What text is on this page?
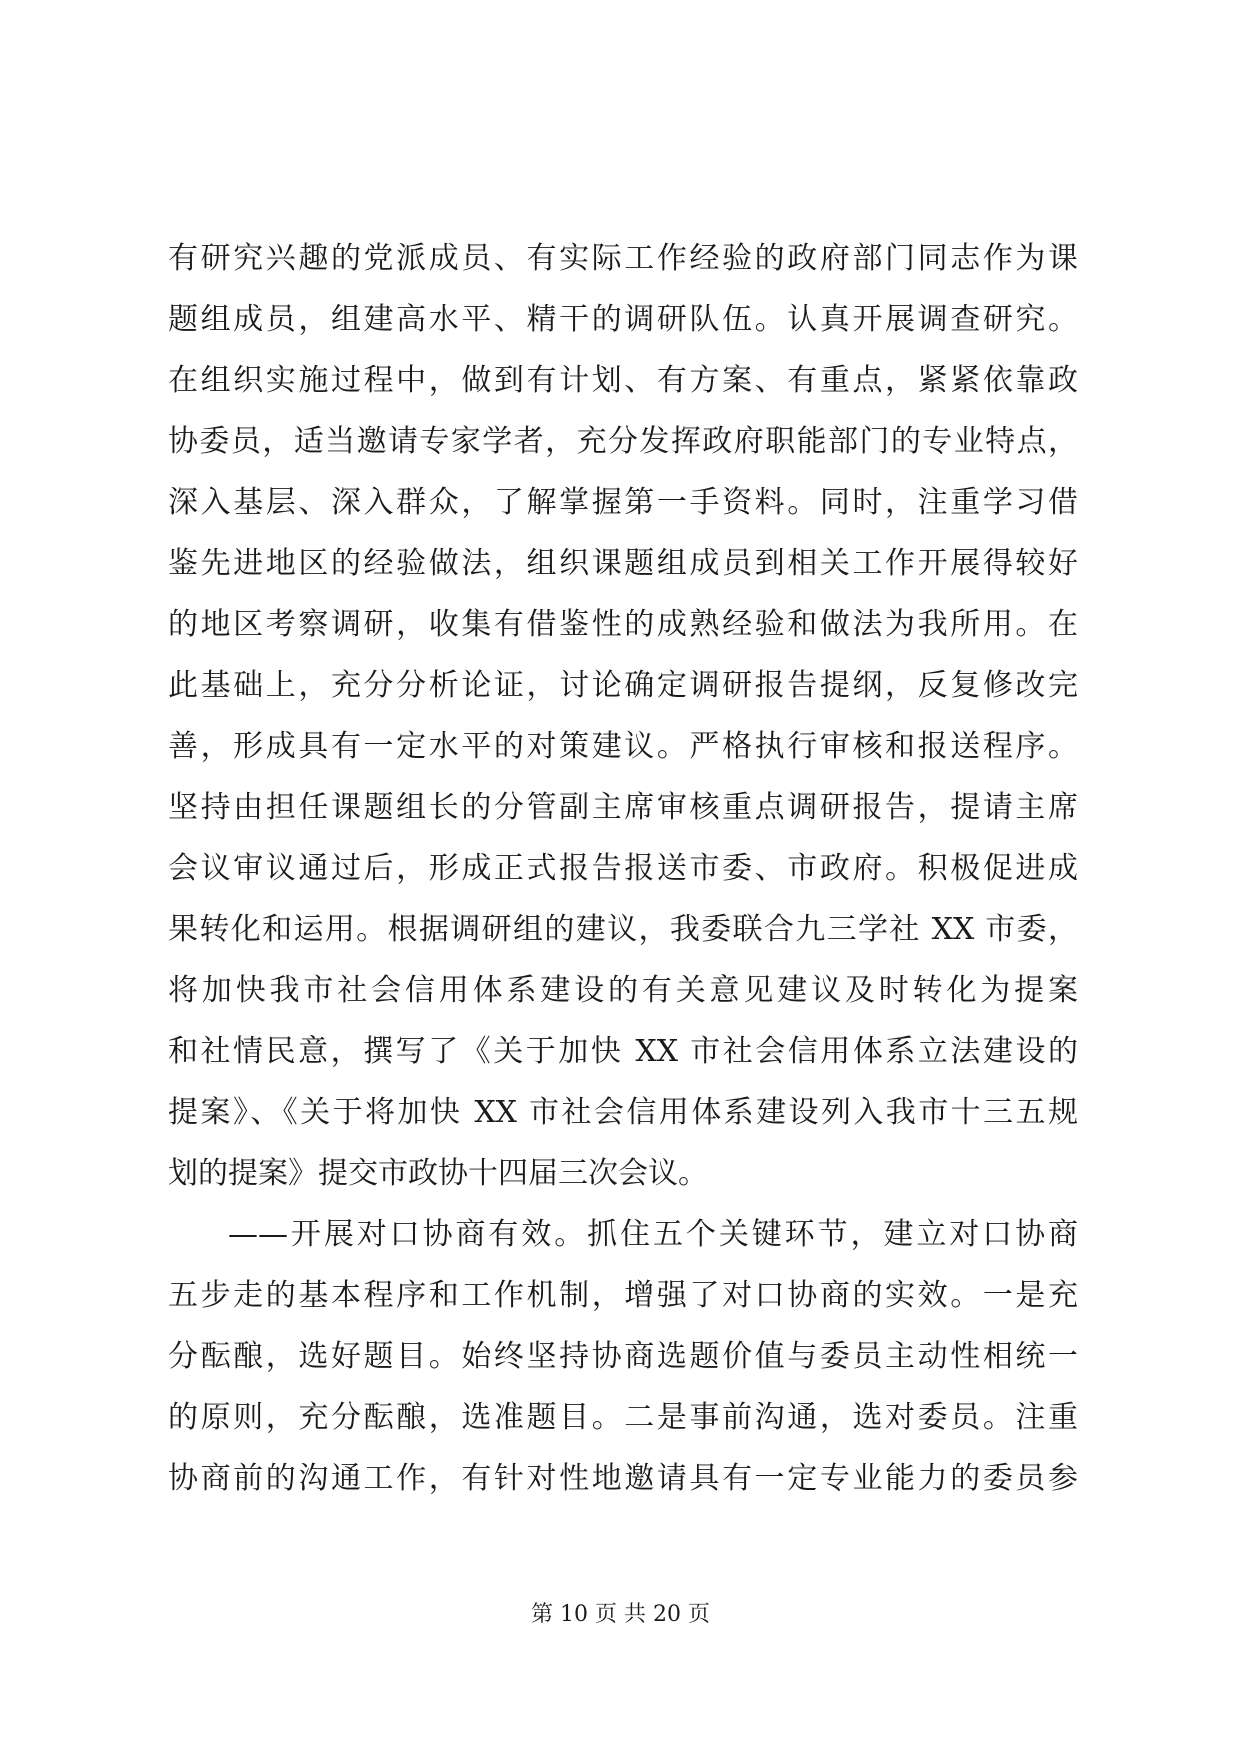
有研究兴趣的党派成员、有实际工作经验的政府部门同志作为课
题组成员，组建高水平、精干的调研队伍。认真开展调查研究。
在组织实施过程中，做到有计划、有方案、有重点，紧紧依靠政
协委员，适当邀请专家学者，充分发挥政府职能部门的专业特点，
深入基层、深入群众，了解掌握第一手资料。同时，注重学习借
鉴先进地区的经验做法，组织课题组成员到相关工作开展得较好
的地区考察调研，收集有借鉴性的成熟经验和做法为我所用。在
此基础上，充分分析论证，讨论确定调研报告提纲，反复修改完
善，形成具有一定水平的对策建议。严格执行审核和报送程序。
坚持由担任课题组长的分管副主席审核重点调研报告，提请主席
会议审议通过后，形成正式报告报送市委、市政府。积极促进成
果转化和运用。根据调研组的建议，我委联合九三学社 XX 市委，
将加快我市社会信用体系建设的有关意见建议及时转化为提案
和社情民意，撰写了《关于加快 XX 市社会信用体系立法建设的
提案》、《关于将加快 XX 市社会信用体系建设列入我市十三五规
划的提案》提交市政协十四届三次会议。
——开展对口协商有效。抓住五个关键环节，建立对口协商
五步走的基本程序和工作机制，增强了对口协商的实效。一是充
分酝酿，选好题目。始终坚持协商选题价值与委员主动性相统一
的原则，充分酝酿，选准题目。二是事前沟通，选对委员。注重
协商前的沟通工作，有针对性地邀请具有一定专业能力的委员参
第 10 页 共 20 页
